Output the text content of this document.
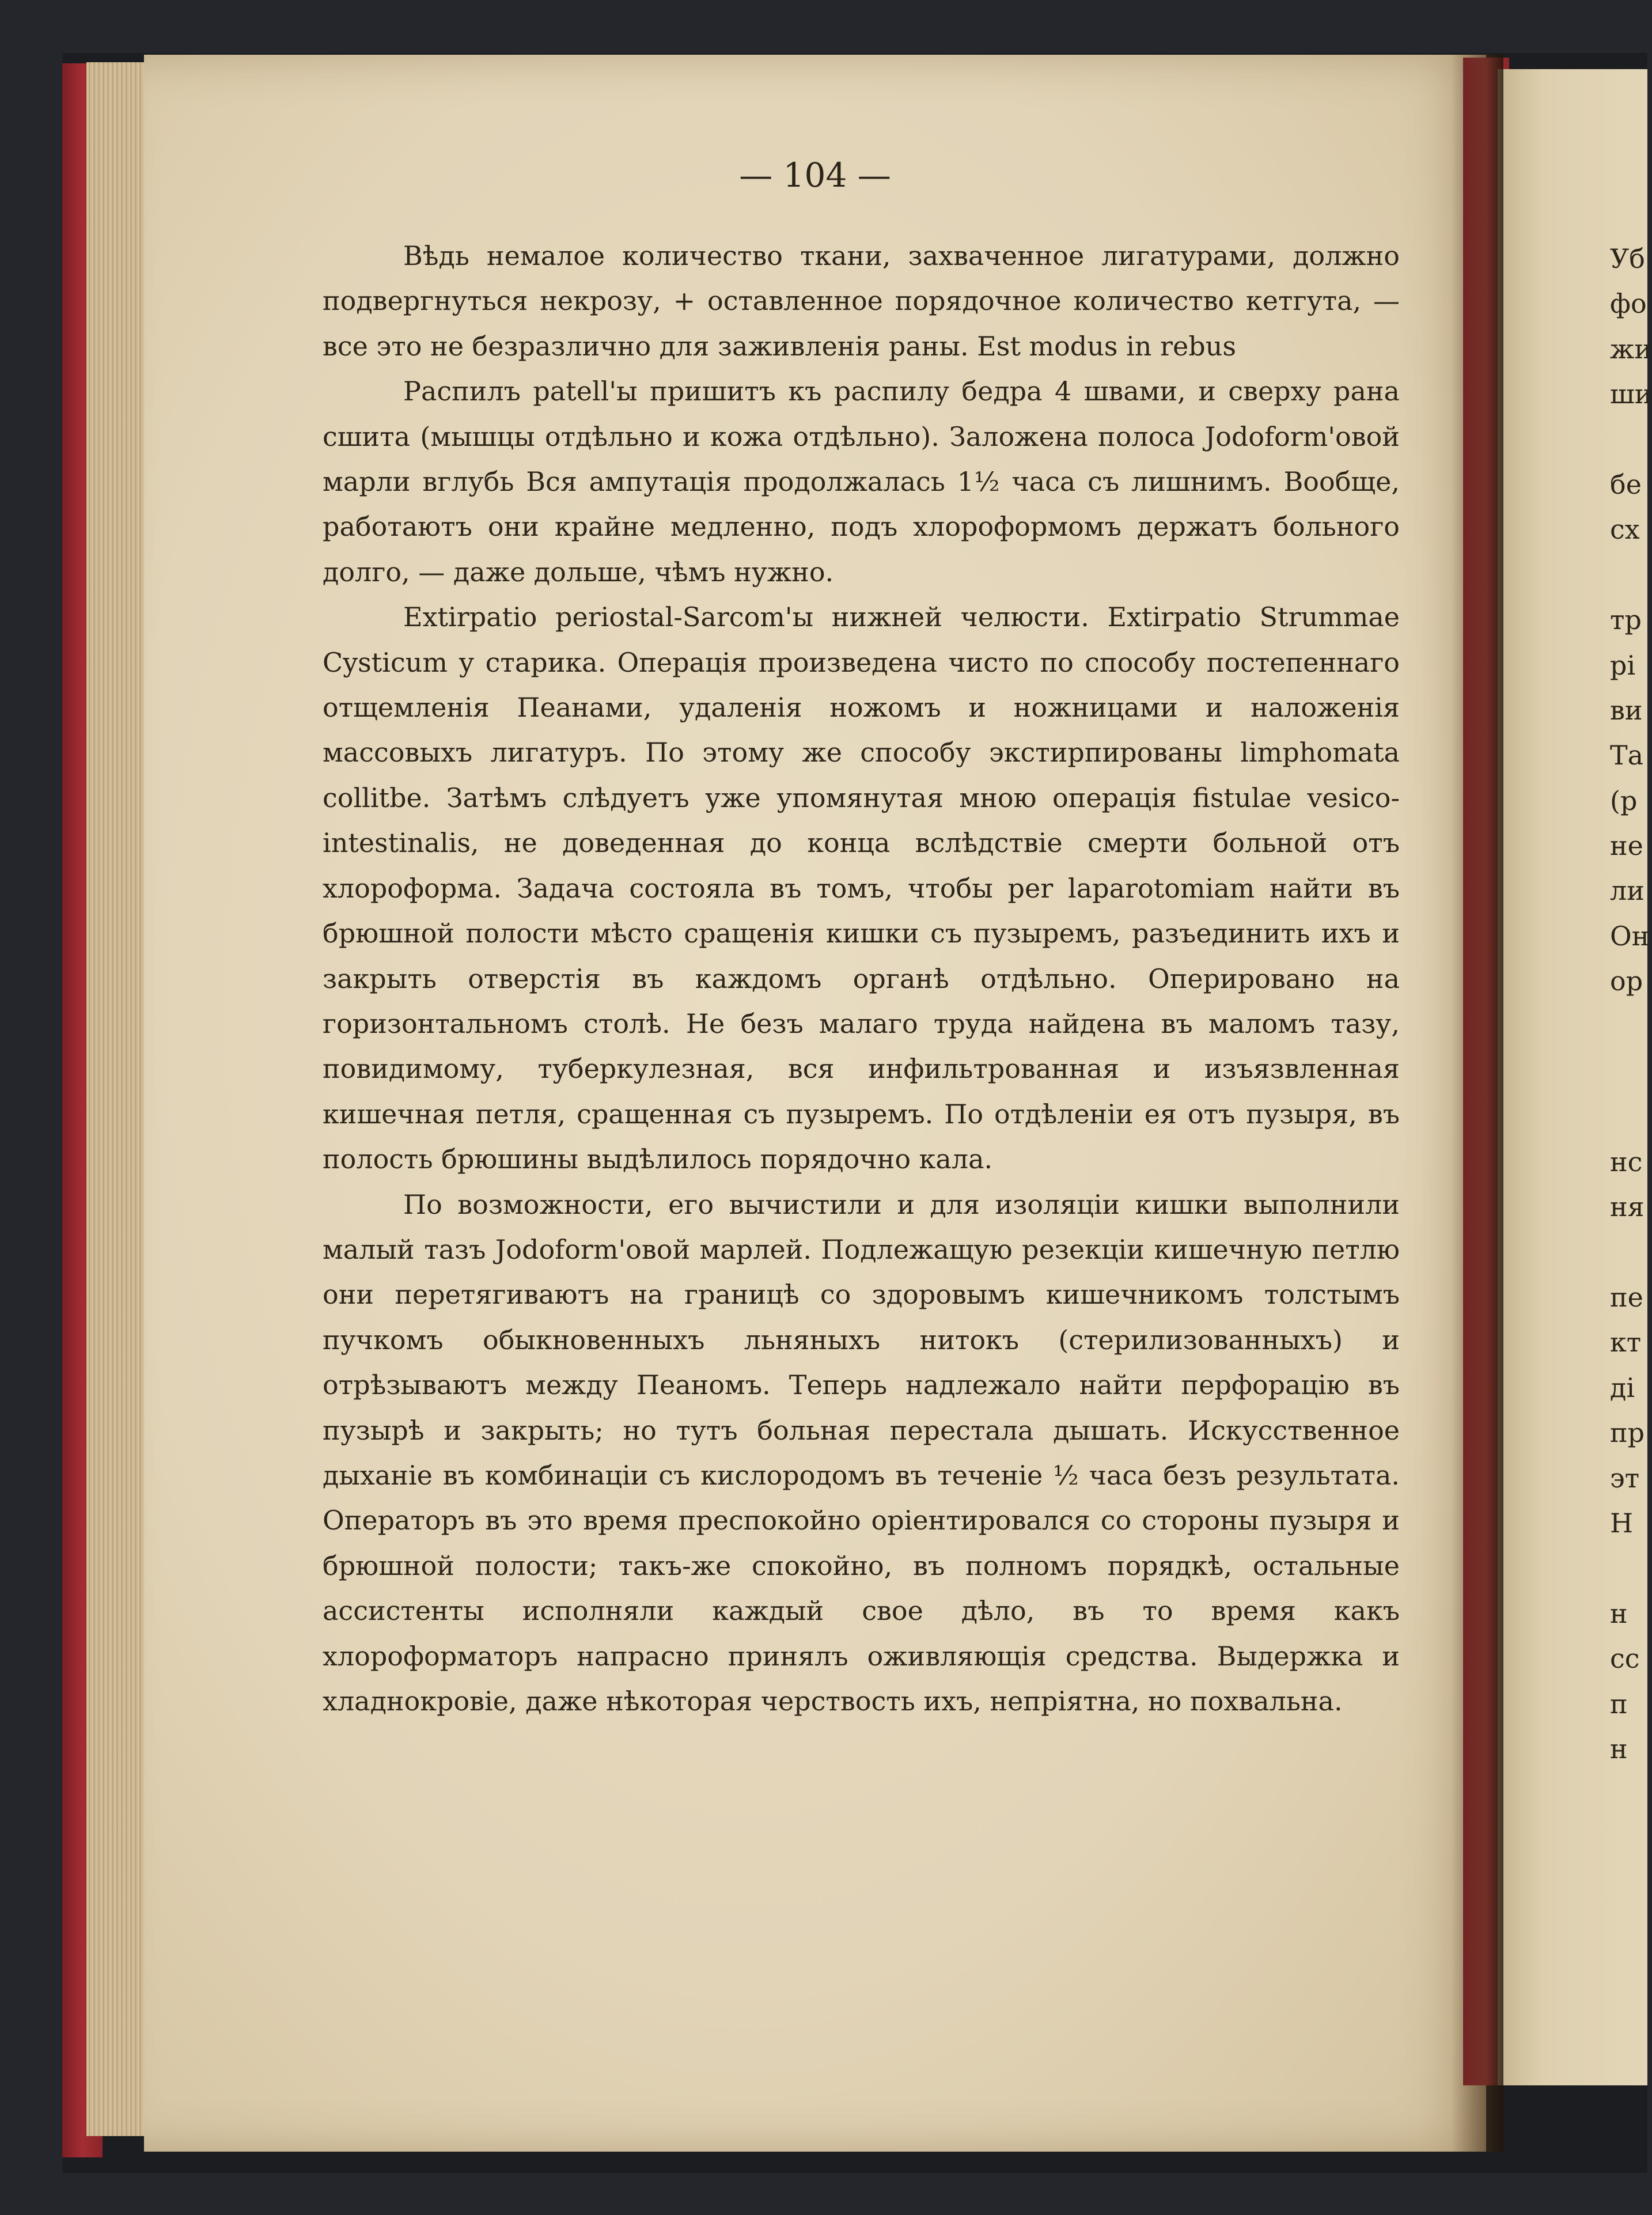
— 104 —

Вѣдь немалое количество ткани, захваченное лигатурами, должно подвергнуться некрозу, + оставленное порядочное количество кетгута, — все это не безразлично для заживленія раны. Est modus in rebus

Распилъ patell'ы пришитъ къ распилу бедра 4 швами, и сверху рана сшита (мышцы отдѣльно и кожа отдѣльно). Заложена полоса Jodoform'овой марли вглубь Вся ампутація продолжалась 1½ часа съ лишнимъ. Вообще, работаютъ они крайне медленно, подъ хлороформомъ держатъ больного долго, — даже дольше, чѣмъ нужно.

Extirpatio periostal-Sarcom'ы нижней челюсти. Extirpatio Strummae Cysticum у старика. Операція произведена чисто по способу постепеннаго отщемленія Пеанами, удаленія ножомъ и ножницами и наложенія массовыхъ лигатуръ. По этому же способу экстирпированы limphomata collitbe. Затѣмъ слѣдуетъ уже упомянутая мною операція fistulae vesico-intestinalis, не доведенная до конца вслѣдствіе смерти больной отъ хлороформа. Задача состояла въ томъ, чтобы per laparotomiam найти въ брюшной полости мѣсто сращенія кишки съ пузыремъ, разъединить ихъ и закрыть отверстія въ каждомъ органѣ отдѣльно. Оперировано на горизонтальномъ столѣ. Не безъ малаго труда найдена въ маломъ тазу, повидимому, туберкулезная, вся инфильтрованная и изъязвленная кишечная петля, сращенная съ пузыремъ. По отдѣленіи ея отъ пузыря, въ полость брюшины выдѣлилось порядочно кала.

По возможности, его вычистили и для изоляціи кишки выполнили малый тазъ Jodoform'овой марлей. Подлежащую резекціи кишечную петлю они перетягиваютъ на границѣ со здоровымъ кишечникомъ толстымъ пучкомъ обыкновенныхъ льняныхъ нитокъ (стерилизованныхъ) и отрѣзываютъ между Пеаномъ. Теперь надлежало найти перфорацію въ пузырѣ и закрыть; но тутъ больная перестала дышать. Искусственное дыханіе въ комбинаціи съ кислородомъ въ теченіе ½ часа безъ результата. Операторъ въ это время преспокойно оріентировался со стороны пузыря и брюшной полости; такъ-же спокойно, въ полномъ порядкѣ, остальные ассистенты исполняли каждый свое дѣло, въ то время какъ хлороформаторъ напрасно принялъ оживляющія средства. Выдержка и хладнокровіе, даже нѣкоторая черствость ихъ, непріятна, но похвальна.

Уб
фо
жи
ши
бе
сх
тр
рі
ви
Та
(р
не
ли
Он
ор
нс
ня
пе
кт
ді
пр
эт
Н
н
сс
п
н
